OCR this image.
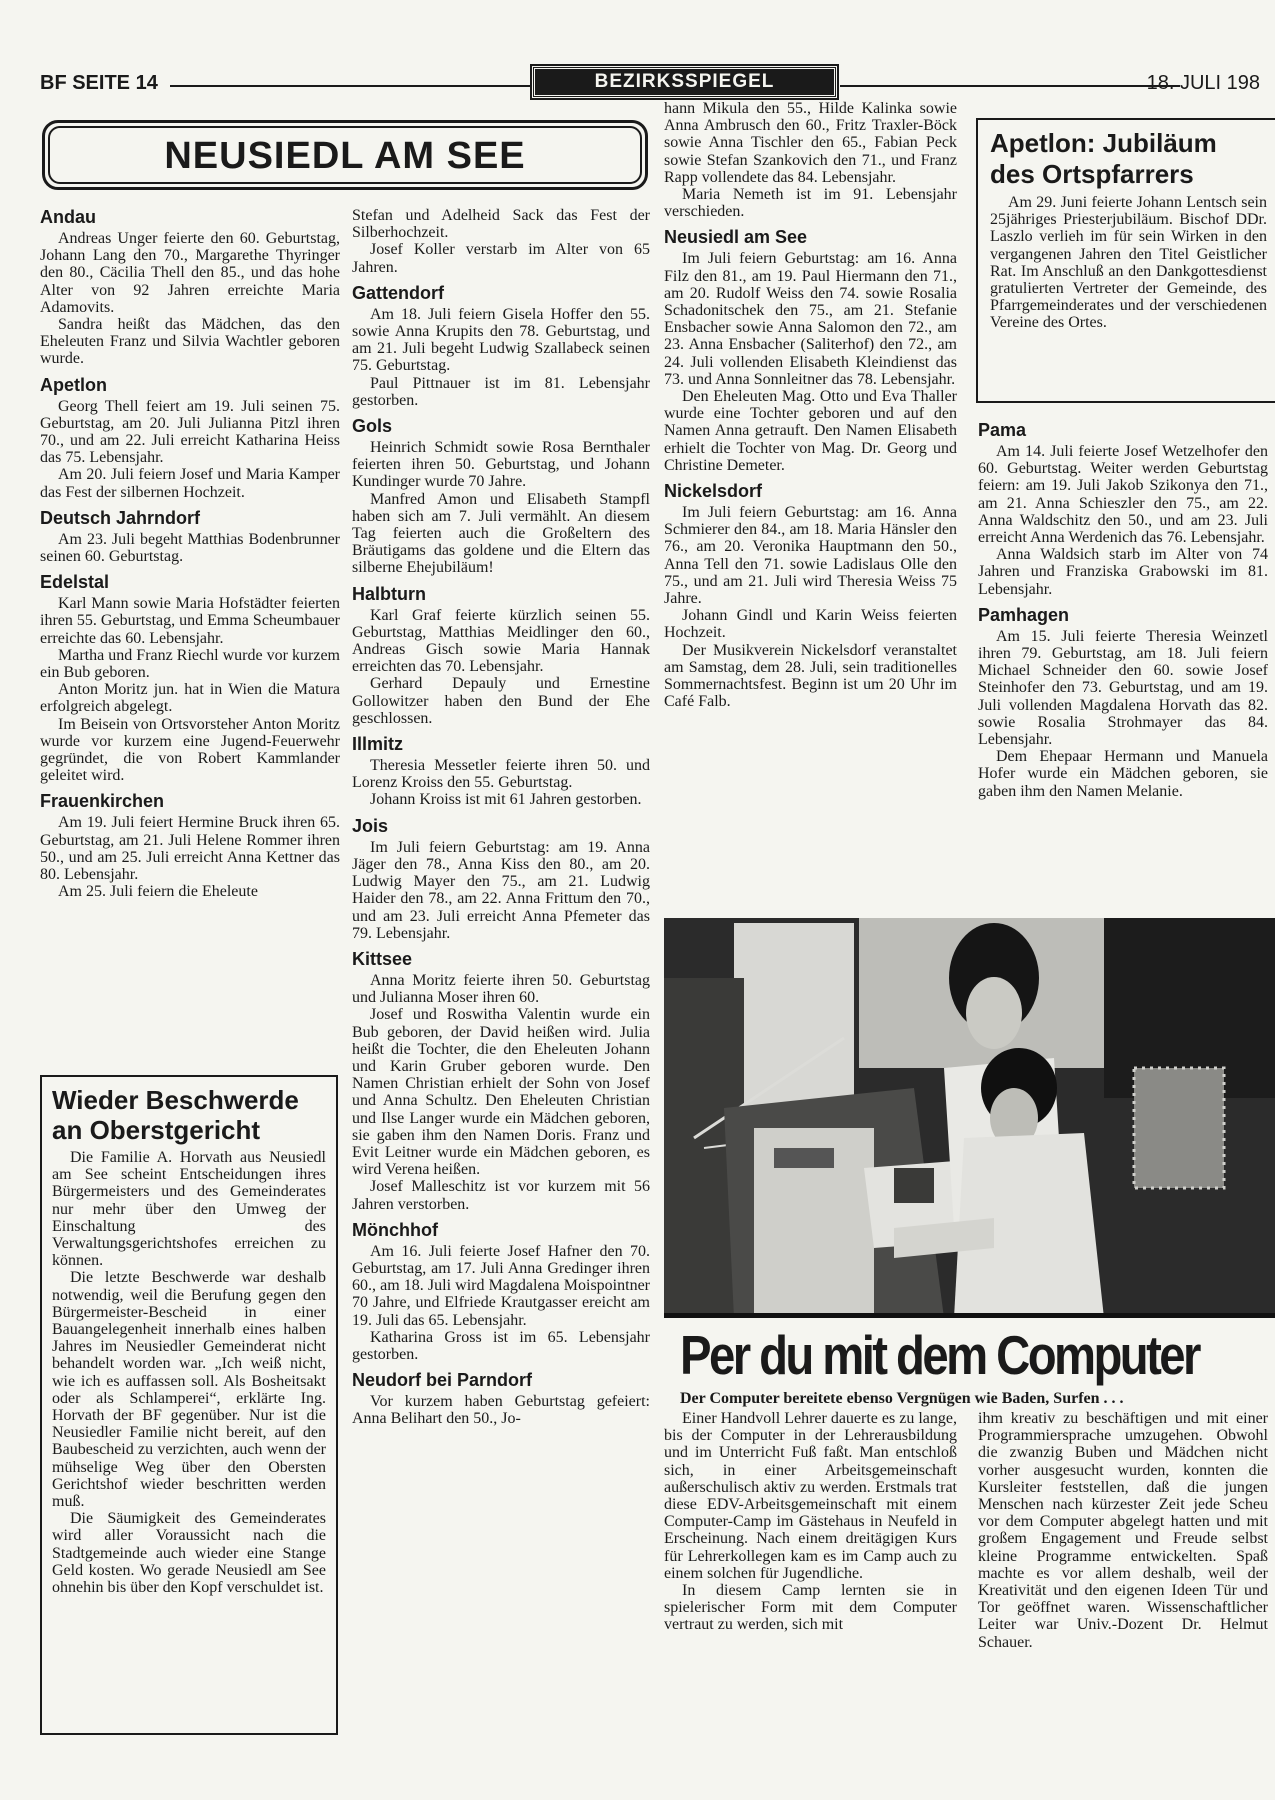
BF SEITE 14	BEZIRKSSPIEGEL	18. JULI 198
NEUSIEDL AM SEE
Andau

Andreas Unger feierte den 60. Geburtstag, Johann Lang den 70., Margarethe Thyringer den 80., Cäcilia Thell den 85., und das hohe Alter von 92 Jahren erreichte Maria Adamovits.

Sandra heißt das Mädchen, das den Eheleuten Franz und Silvia Wachtler geboren wurde.

Apetlon

Georg Thell feiert am 19. Juli seinen 75. Geburtstag, am 20. Juli Julianna Pitzl ihren 70., und am 22. Juli erreicht Katharina Heiss das 75. Lebensjahr.

Am 20. Juli feiern Josef und Maria Kamper das Fest der silbernen Hochzeit.

Deutsch Jahrndorf

Am 23. Juli begeht Matthias Bodenbrunner seinen 60. Geburtstag.

Edelstal

Karl Mann sowie Maria Hofstädter feierten ihren 55. Geburtstag, und Emma Scheumbauer erreichte das 60. Lebensjahr.

Martha und Franz Riechl wurde vor kurzem ein Bub geboren.

Anton Moritz jun. hat in Wien die Matura erfolgreich abgelegt.

Im Beisein von Ortsvorsteher Anton Moritz wurde vor kurzem eine Jugend-Feuerwehr gegründet, die von Robert Kammlander geleitet wird.

Frauenkirchen

Am 19. Juli feiert Hermine Bruck ihren 65. Geburtstag, am 21. Juli Helene Rommer ihren 50., und am 25. Juli erreicht Anna Kettner das 80. Lebensjahr.

Am 25. Juli feiern die Eheleute

Stefan und Adelheid Sack das Fest der Silberhochzeit.

Josef Koller verstarb im Alter von 65 Jahren.

Gattendorf

Am 18. Juli feiern Gisela Hoffer den 55. sowie Anna Krupits den 78. Geburtstag, und am 21. Juli begeht Ludwig Szallabeck seinen 75. Geburtstag.

Paul Pittnauer ist im 81. Lebensjahr gestorben.

Gols

Heinrich Schmidt sowie Rosa Bernthaler feierten ihren 50. Geburtstag, und Johann Kundinger wurde 70 Jahre.

Manfred Amon und Elisabeth Stampfl haben sich am 7. Juli vermählt. An diesem Tag feierten auch die Großeltern des Bräutigams das goldene und die Eltern das silberne Ehejubiläum!

Halbturn

Karl Graf feierte kürzlich seinen 55. Geburtstag, Matthias Meidlinger den 60., Andreas Gisch sowie Maria Hannak erreichten das 70. Lebensjahr.

Gerhard Depauly und Ernestine Gollowitzer haben den Bund der Ehe geschlossen.

Illmitz

Theresia Messetler feierte ihren 50. und Lorenz Kroiss den 55. Geburtstag.

Johann Kroiss ist mit 61 Jahren gestorben.

Jois

Im Juli feiern Geburtstag: am 19. Anna Jäger den 78., Anna Kiss den 80., am 20. Ludwig Mayer den 75., am 21. Ludwig Haider den 78., am 22. Anna Frittum den 70., und am 23. Juli erreicht Anna Pfemeter das 79. Lebensjahr.

Kittsee

Anna Moritz feierte ihren 50. Geburtstag und Julianna Moser ihren 60.

Josef und Roswitha Valentin wurde ein Bub geboren, der David heißen wird. Julia heißt die Tochter, die den Eheleuten Johann und Karin Gruber geboren wurde. Den Namen Christian erhielt der Sohn von Josef und Anna Schultz. Den Eheleuten Christian und Ilse Langer wurde ein Mädchen geboren, sie gaben ihm den Namen Doris. Franz und Evit Leitner wurde ein Mädchen geboren, es wird Verena heißen.

Josef Malleschitz ist vor kurzem mit 56 Jahren verstorben.

Mönchhof

Am 16. Juli feierte Josef Hafner den 70. Geburtstag, am 17. Juli Anna Gredinger ihren 60., am 18. Juli wird Magdalena Moispointner 70 Jahre, und Elfriede Krautgasser ereicht am 19. Juli das 65. Lebensjahr.

Katharina Gross ist im 65. Lebensjahr gestorben.

Neudorf bei Parndorf

Vor kurzem haben Geburtstag gefeiert: Anna Belihart den 50., Jo-

hann Mikula den 55., Hilde Kalinka sowie Anna Ambrusch den 60., Fritz Traxler-Böck sowie Anna Tischler den 65., Fabian Peck sowie Stefan Szankovich den 71., und Franz Rapp vollendete das 84. Lebensjahr.

Maria Nemeth ist im 91. Lebensjahr verschieden.

Neusiedl am See

Im Juli feiern Geburtstag: am 16. Anna Filz den 81., am 19. Paul Hiermann den 71., am 20. Rudolf Weiss den 74. sowie Rosalia Schadonitschek den 75., am 21. Stefanie Ensbacher sowie Anna Salomon den 72., am 23. Anna Ensbacher (Saliterhof) den 72., am 24. Juli vollenden Elisabeth Kleindienst das 73. und Anna Sonnleitner das 78. Lebensjahr.

Den Eheleuten Mag. Otto und Eva Thaller wurde eine Tochter geboren und auf den Namen Anna getrauft. Den Namen Elisabeth erhielt die Tochter von Mag. Dr. Georg und Christine Demeter.

Nickelsdorf

Im Juli feiern Geburtstag: am 16. Anna Schmierer den 84., am 18. Maria Hänsler den 76., am 20. Veronika Hauptmann den 50., Anna Tell den 71. sowie Ladislaus Olle den 75., und am 21. Juli wird Theresia Weiss 75 Jahre.

Johann Gindl und Karin Weiss feierten Hochzeit.

Der Musikverein Nickelsdorf veranstaltet am Samstag, dem 28. Juli, sein traditionelles Sommernachtsfest. Beginn ist um 20 Uhr im Café Falb.

Pama

Am 14. Juli feierte Josef Wetzelhofer den 60. Geburtstag. Weiter werden Geburtstag feiern: am 19. Juli Jakob Szikonya den 71., am 21. Anna Schieszler den 75., am 22. Anna Waldschitz den 50., und am 23. Juli erreicht Anna Werdenich das 76. Lebensjahr.

Anna Waldsich starb im Alter von 74 Jahren und Franziska Grabowski im 81. Lebensjahr.

Pamhagen

Am 15. Juli feierte Theresia Weinzetl ihren 79. Geburtstag, am 18. Juli feiern Michael Schneider den 60. sowie Josef Steinhofer den 73. Geburtstag, und am 19. Juli vollenden Magdalena Horvath das 82. sowie Rosalia Strohmayer das 84. Lebensjahr.

Dem Ehepaar Hermann und Manuela Hofer wurde ein Mädchen geboren, sie gaben ihm den Namen Melanie.

Wieder Beschwerde an Oberstgericht

Die Familie A. Horvath aus Neusiedl am See scheint Entscheidungen ihres Bürgermeisters und des Gemeinderates nur mehr über den Umweg der Einschaltung des Verwaltungsgerichtshofes erreichen zu können.

Die letzte Beschwerde war deshalb notwendig, weil die Berufung gegen den Bürgermeister-Bescheid in einer Bauangelegenheit innerhalb eines halben Jahres im Neusiedler Gemeinderat nicht behandelt worden war. „Ich weiß nicht, wie ich es auffassen soll. Als Bosheitsakt oder als Schlamperei“, erklärte Ing. Horvath der BF gegenüber. Nur ist die Neusiedler Familie nicht bereit, auf den Baubescheid zu verzichten, auch wenn der mühselige Weg über den Obersten Gerichtshof wieder beschritten werden muß.

Die Säumigkeit des Gemeinderates wird aller Voraussicht nach die Stadtgemeinde auch wieder eine Stange Geld kosten. Wo gerade Neusiedl am See ohnehin bis über den Kopf verschuldet ist.

Apetlon: Jubiläum des Ortspfarrers

Am 29. Juni feierte Johann Lentsch sein 25jähriges Priesterjubiläum. Bischof DDr. Laszlo verlieh im für sein Wirken in den vergangenen Jahren den Titel Geistlicher Rat. Im Anschluß an den Dankgottesdienst gratulierten Vertreter der Gemeinde, des Pfarrgemeinderates und der verschiedenen Vereine des Ortes.

Per du mit dem Computer
Der Computer bereitete ebenso Vergnügen wie Baden, Surfen . . .

Einer Handvoll Lehrer dauerte es zu lange, bis der Computer in der Lehrerausbildung und im Unterricht Fuß faßt. Man entschloß sich, in einer Arbeitsgemeinschaft außerschulisch aktiv zu werden. Erstmals trat diese EDV-Arbeitsgemeinschaft mit einem Computer-Camp im Gästehaus in Neufeld in Erscheinung. Nach einem dreitägigen Kurs für Lehrerkollegen kam es im Camp auch zu einem solchen für Jugendliche.

In diesem Camp lernten sie in spielerischer Form mit dem Computer vertraut zu werden, sich mit

ihm kreativ zu beschäftigen und mit einer Programmiersprache umzugehen. Obwohl die zwanzig Buben und Mädchen nicht vorher ausgesucht wurden, konnten die Kursleiter feststellen, daß die jungen Menschen nach kürzester Zeit jede Scheu vor dem Computer abgelegt hatten und mit großem Engagement und Freude selbst kleine Programme entwickelten. Spaß machte es vor allem deshalb, weil der Kreativität und den eigenen Ideen Tür und Tor geöffnet waren. Wissenschaftlicher Leiter war Univ.-Dozent Dr. Helmut Schauer.
